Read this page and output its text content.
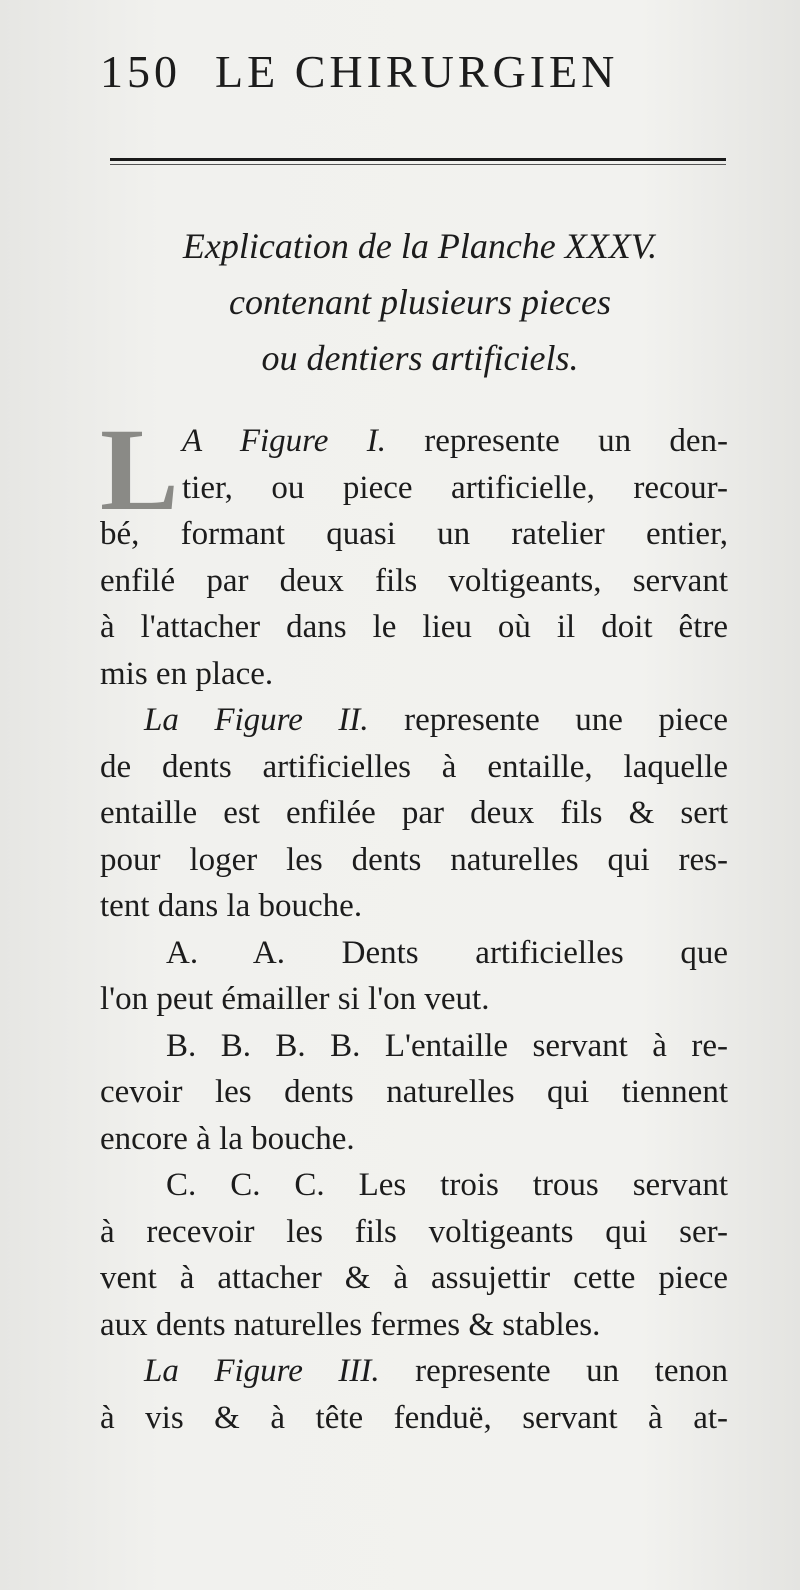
150 LE CHIRURGIEN
Explication de la Planche XXXV.
contenant plusieurs pieces
ou dentiers artificiels.
L A Figure I. represente un den-
tier, ou piece artificielle, recour-
bé, formant quasi un ratelier entier,
enfilé par deux fils voltigeants, servant
à l'attacher dans le lieu où il doit être
mis en place.
La Figure II. represente une piece
de dents artificielles à entaille, laquelle
entaille est enfilée par deux fils & sert
pour loger les dents naturelles qui res-
tent dans la bouche.
A. A. Dents artificielles que
l'on peut émailler si l'on veut.
B. B. B. B. L'entaille servant à re-
cevoir les dents naturelles qui tiennent
encore à la bouche.
C. C. C. Les trois trous servant
à recevoir les fils voltigeants qui ser-
vent à attacher & à assujettir cette piece
aux dents naturelles fermes & stables.
La Figure III. represente un tenon
à vis & à tête fenduë, servant à at-
